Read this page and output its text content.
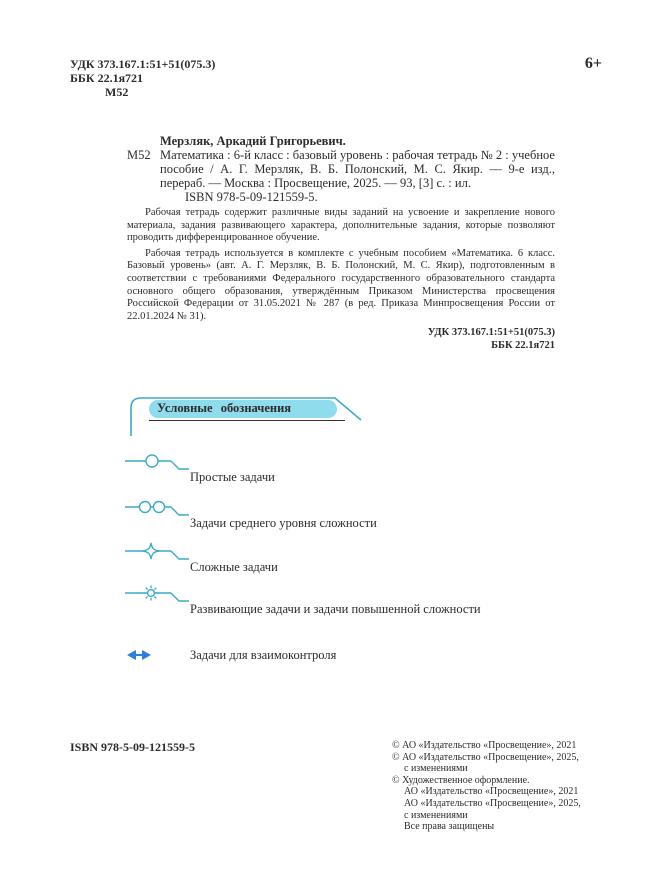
УДК 373.167.1:51+51(075.3)
ББК 22.1я721
М52
6+
Мерзляк, Аркадий Григорьевич.
М52 Математика : 6-й класс : базовый уровень : рабочая тетрадь № 2 : учебное пособие / А. Г. Мерзляк, В. Б. Полонский, М. С. Якир. — 9-е изд., перераб. — Москва : Просвещение, 2025. — 93, [3] с. : ил.
ISBN 978-5-09-121559-5.

Рабочая тетрадь содержит различные виды заданий на усвоение и закрепление нового материала, задания развивающего характера, дополнительные задания, которые позволяют проводить дифференцированное обучение.

Рабочая тетрадь используется в комплекте с учебным пособием «Математика. 6 класс. Базовый уровень» (авт. А. Г. Мерзляк, В. Б. Полонский, М. С. Якир), подготовленным в соответствии с требованиями Федерального государственного образовательного стандарта основного общего образования, утверждённым Приказом Министерства просвещения Российской Федерации от 31.05.2021 № 287 (в ред. Приказа Минпросвещения России от 22.01.2024 № 31).

УДК 373.167.1:51+51(075.3)
ББК 22.1я721
Условные обозначения
Простые задачи
Задачи среднего уровня сложности
Сложные задачи
Развивающие задачи и задачи повышенной сложности
Задачи для взаимоконтроля
ISBN 978-5-09-121559-5	© АО «Издательство «Просвещение», 2021
© АО «Издательство «Просвещение», 2025,
с изменениями
© Художественное оформление.
АО «Издательство «Просвещение», 2021
АО «Издательство «Просвещение», 2025,
с изменениями
Все права защищены
